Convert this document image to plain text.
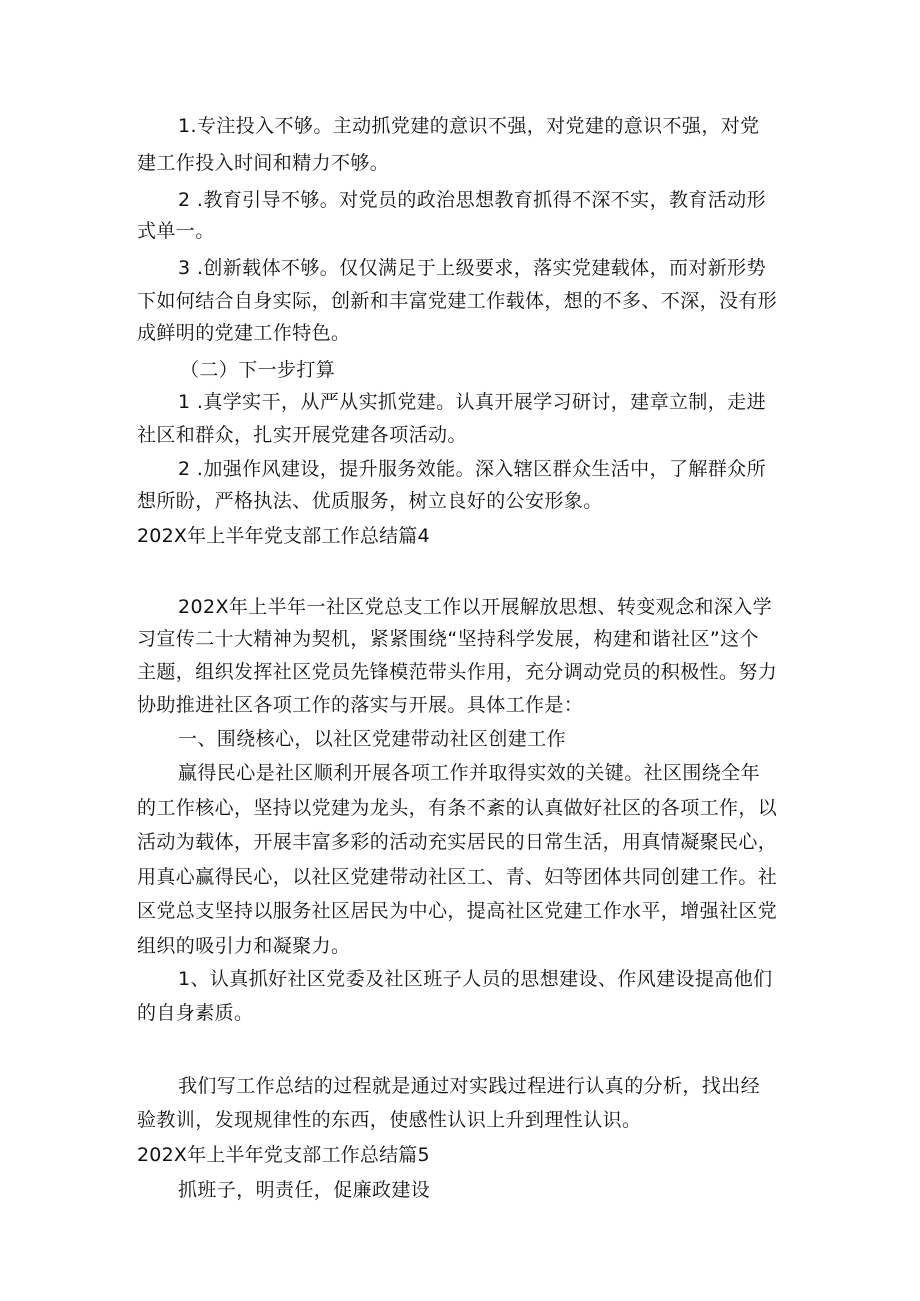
1.专注投入不够。主动抓党建的意识不强，对党建的意识不强，对党
建工作投入时间和精力不够。
2 .教育引导不够。对党员的政治思想教育抓得不深不实，教育活动形
式单一。
3 .创新载体不够。仅仅满足于上级要求，落实党建载体，而对新形势
下如何结合自身实际，创新和丰富党建工作载体，想的不多、不深，没有形
成鲜明的党建工作特色。
（二）下一步打算
1 .真学实干，从严从实抓党建。认真开展学习研讨，建章立制，走进
社区和群众，扎实开展党建各项活动。
2 .加强作风建设，提升服务效能。深入辖区群众生活中，了解群众所
想所盼，严格执法、优质服务，树立良好的公安形象。
202X年上半年党支部工作总结篇4
202X年上半年一社区党总支工作以开展解放思想、转变观念和深入学
习宣传二十大精神为契机，紧紧围绕“坚持科学发展，构建和谐社区”这个
主题，组织发挥社区党员先锋模范带头作用，充分调动党员的积极性。努力
协助推进社区各项工作的落实与开展。具体工作是：
一、围绕核心，以社区党建带动社区创建工作
赢得民心是社区顺利开展各项工作并取得实效的关键。社区围绕全年
的工作核心，坚持以党建为龙头，有条不紊的认真做好社区的各项工作，以
活动为载体，开展丰富多彩的活动充实居民的日常生活，用真情凝聚民心，
用真心赢得民心，以社区党建带动社区工、青、妇等团体共同创建工作。社
区党总支坚持以服务社区居民为中心，提高社区党建工作水平，增强社区党
组织的吸引力和凝聚力。
1、认真抓好社区党委及社区班子人员的思想建设、作风建设提高他们
的自身素质。
我们写工作总结的过程就是通过对实践过程进行认真的分析，找出经
验教训，发现规律性的东西，使感性认识上升到理性认识。
202X年上半年党支部工作总结篇5
抓班子，明责任，促廉政建设
